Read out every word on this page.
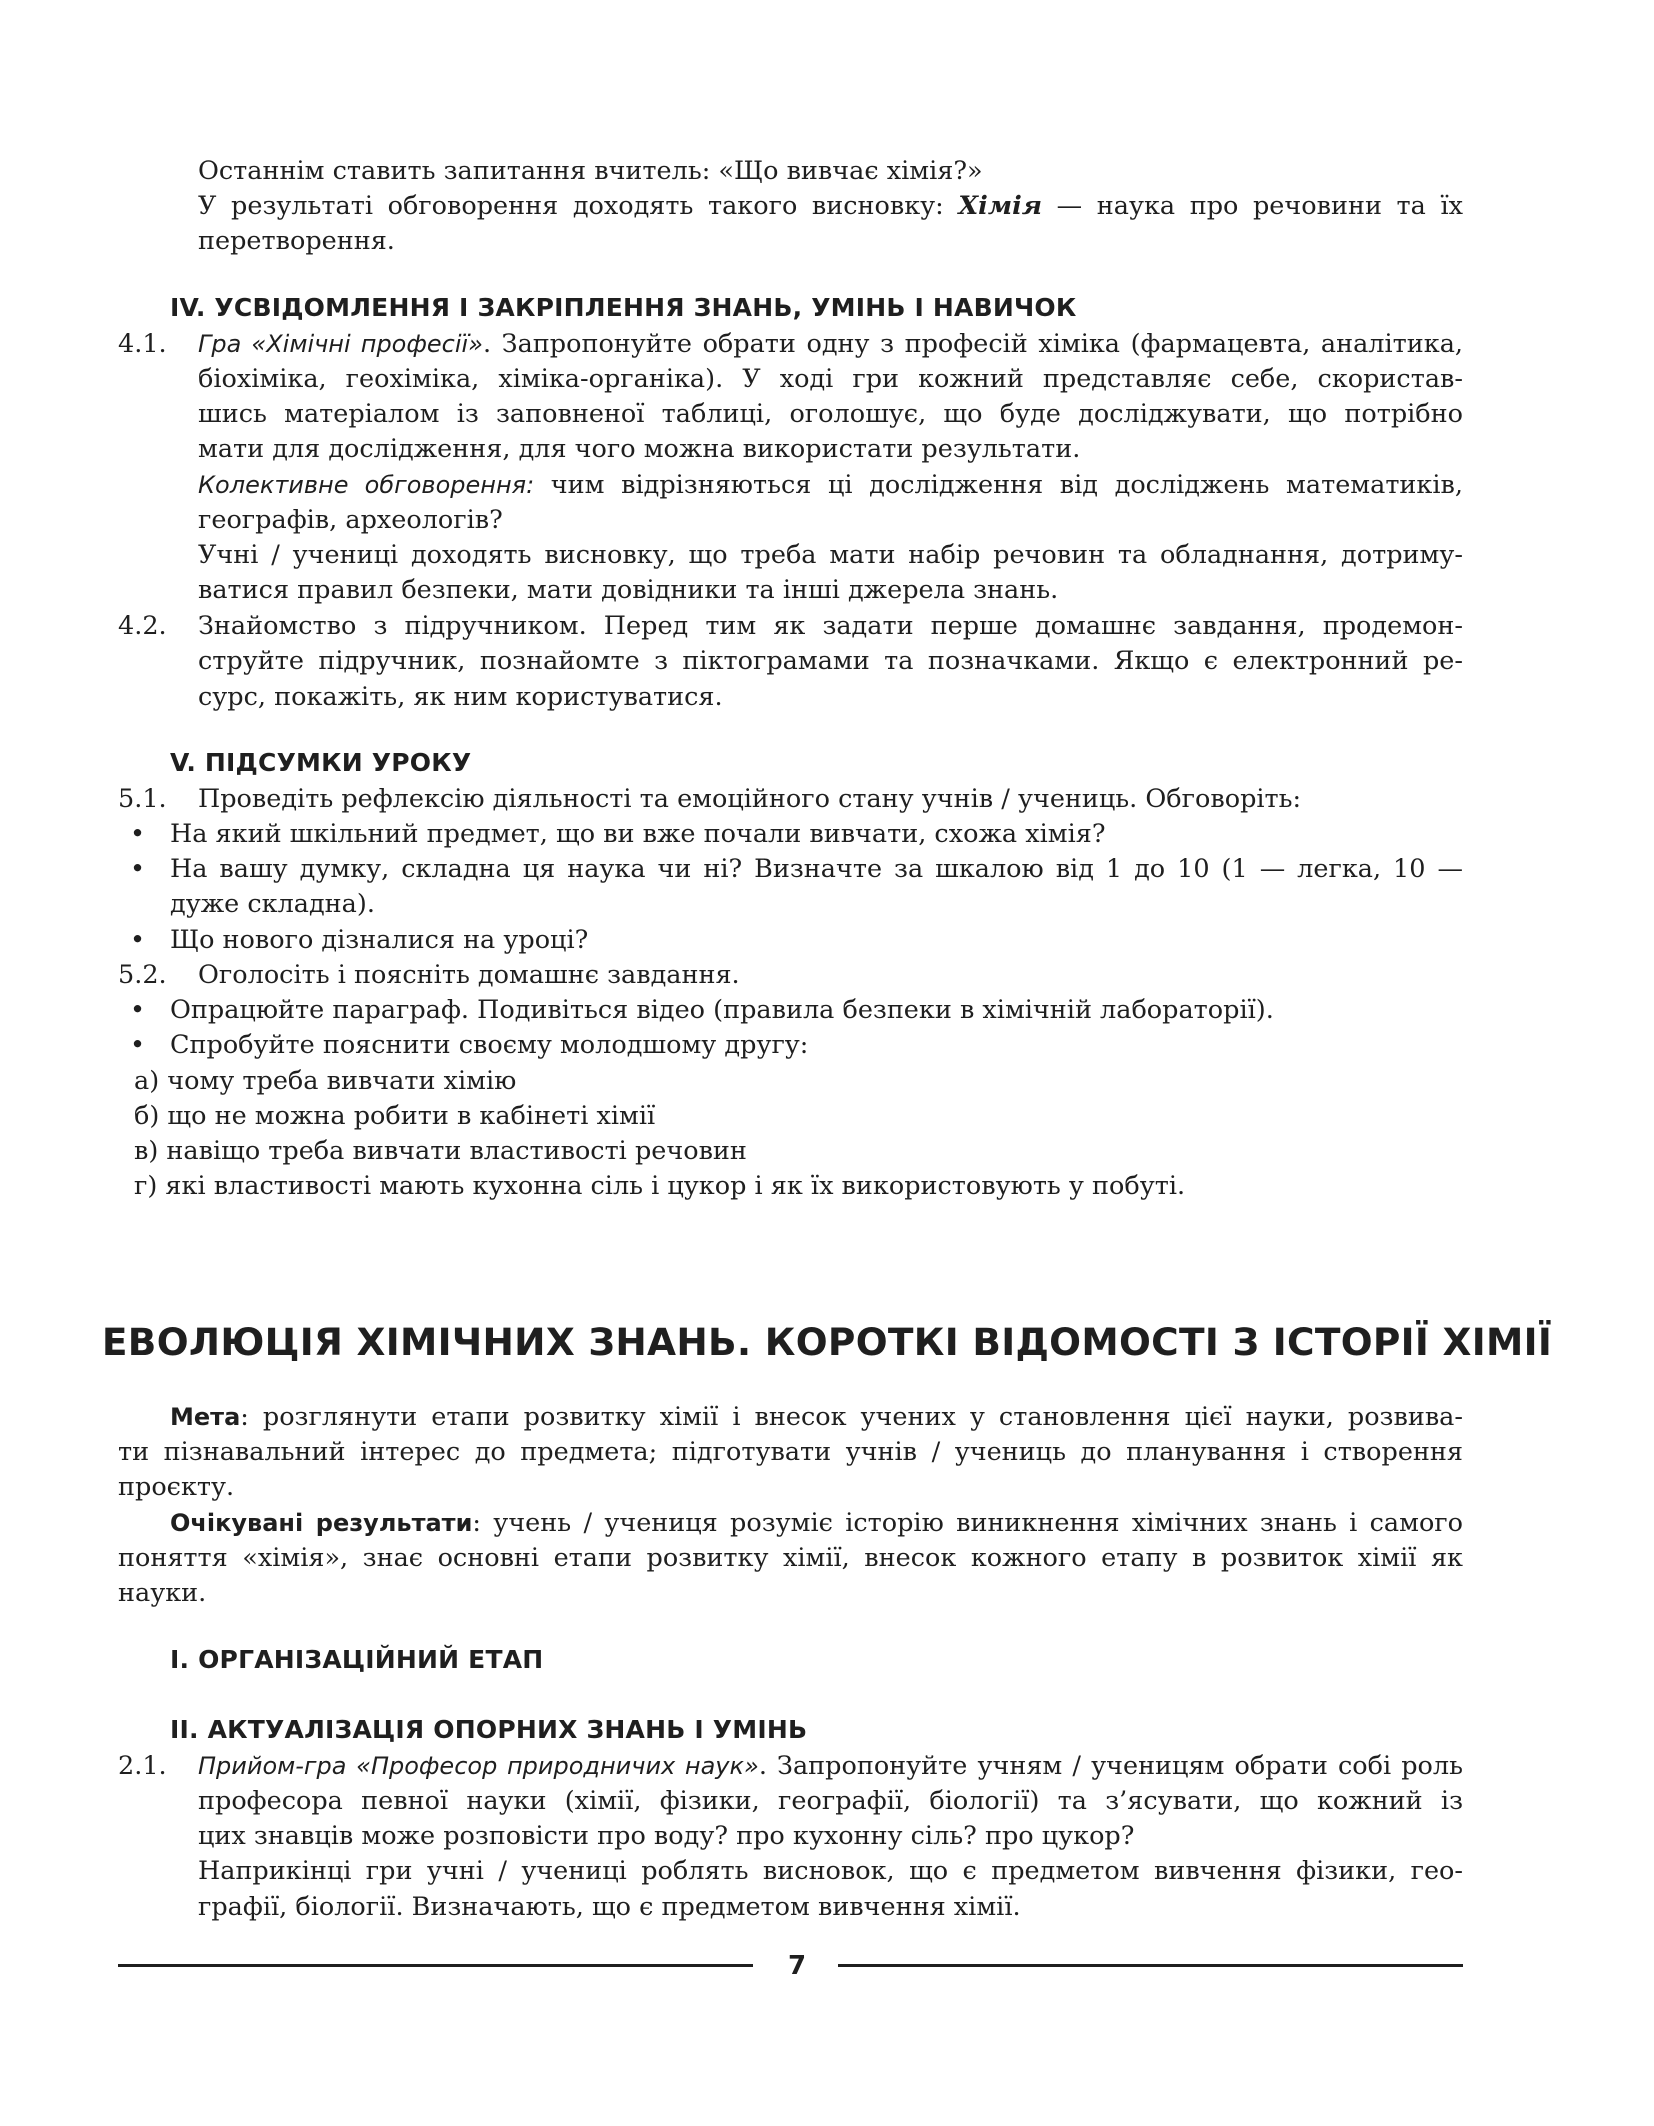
Останнім ставить запитання вчитель: «Що вивчає хімія?»
У результаті обговорення доходять такого висновку: Хімія — наука про речовини та їх
перетворення.
IV. УСВІДОМЛЕННЯ І ЗАКРІПЛЕННЯ ЗНАНЬ, УМІНЬ І НАВИЧОК
4.1. Гра «Хімічні професії». Запропонуйте обрати одну з професій хіміка (фармацевта, аналітика,
біохіміка, геохіміка, хіміка-органіка). У ході гри кожний представляє себе, скористав-
шись матеріалом із заповненої таблиці, оголошує, що буде досліджувати, що потрібно
мати для дослідження, для чого можна використати результати.
Колективне обговорення: чим відрізняються ці дослідження від досліджень математиків,
географів, археологів?
Учні / учениці доходять висновку, що треба мати набір речовин та обладнання, дотриму-
ватися правил безпеки, мати довідники та інші джерела знань.
4.2. Знайомство з підручником. Перед тим як задати перше домашнє завдання, продемон-
струйте підручник, познайомте з піктограмами та позначками. Якщо є електронний ре-
сурс, покажіть, як ним користуватися.
V. ПІДСУМКИ УРОКУ
5.1. Проведіть рефлексію діяльності та емоційного стану учнів / учениць. Обговоріть:
• На який шкільний предмет, що ви вже почали вивчати, схожа хімія?
• На вашу думку, складна ця наука чи ні? Визначте за шкалою від 1 до 10 (1 — легка, 10 —
дуже складна).
• Що нового дізналися на уроці?
5.2. Оголосіть і поясніть домашнє завдання.
• Опрацюйте параграф. Подивіться відео (правила безпеки в хімічній лабораторії).
• Спробуйте пояснити своєму молодшому другу:
а) чому треба вивчати хімію
б) що не можна робити в кабінеті хімії
в) навіщо треба вивчати властивості речовин
г) які властивості мають кухонна сіль і цукор і як їх використовують у побуті.
ЕВОЛЮЦІЯ ХІМІЧНИХ ЗНАНЬ. КОРОТКІ ВІДОМОСТІ З ІСТОРІЇ ХІМІЇ
Мета: розглянути етапи розвитку хімії і внесок учених у становлення цієї науки, розвива-
ти пізнавальний інтерес до предмета; підготувати учнів / учениць до планування і створення
проєкту.
Очікувані результати: учень / учениця розуміє історію виникнення хімічних знань і самого
поняття «хімія», знає основні етапи розвитку хімії, внесок кожного етапу в розвиток хімії як
науки.
I. ОРГАНІЗАЦІЙНИЙ ЕТАП
II. АКТУАЛІЗАЦІЯ ОПОРНИХ ЗНАНЬ І УМІНЬ
2.1. Прийом-гра «Професор природничих наук». Запропонуйте учням / ученицям обрати собі роль
професора певної науки (хімії, фізики, географії, біології) та з’ясувати, що кожний із
цих знавців може розповісти про воду? про кухонну сіль? про цукор?
Наприкінці гри учні / учениці роблять висновок, що є предметом вивчення фізики, гео-
графії, біології. Визначають, що є предметом вивчення хімії.
7
